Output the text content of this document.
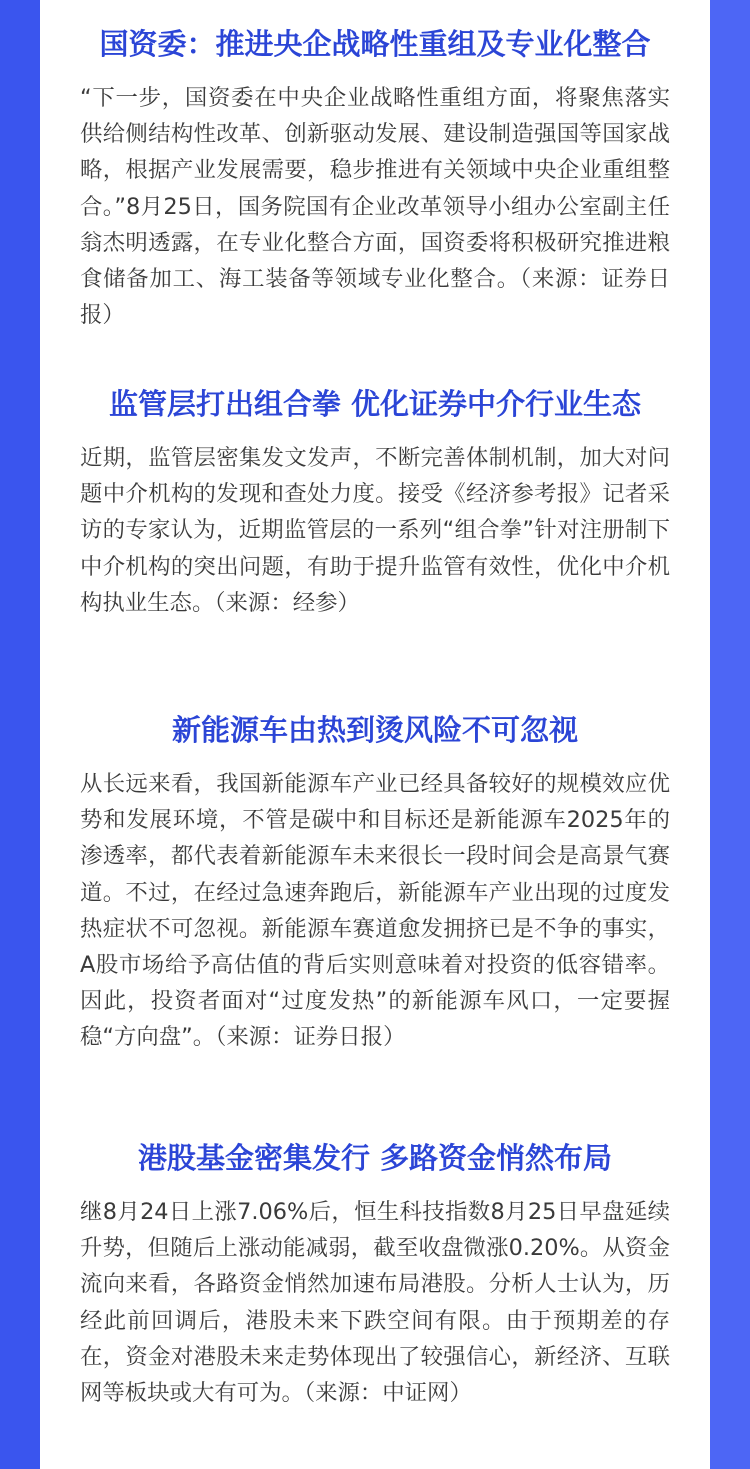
国资委：推进央企战略性重组及专业化整合

“下一步，国资委在中央企业战略性重组方面，将聚焦落实供给侧结构性改革、创新驱动发展、建设制造强国等国家战略，根据产业发展需要，稳步推进有关领域中央企业重组整合。”8月25日，国务院国有企业改革领导小组办公室副主任翁杰明透露，在专业化整合方面，国资委将积极研究推进粮食储备加工、海工装备等领域专业化整合。（来源：证券日报）

监管层打出组合拳 优化证券中介行业生态

近期，监管层密集发文发声，不断完善体制机制，加大对问题中介机构的发现和查处力度。接受《经济参考报》记者采访的专家认为，近期监管层的一系列“组合拳”针对注册制下中介机构的突出问题，有助于提升监管有效性，优化中介机构执业生态。（来源：经参）

新能源车由热到烫风险不可忽视

从长远来看，我国新能源车产业已经具备较好的规模效应优势和发展环境，不管是碳中和目标还是新能源车2025年的渗透率，都代表着新能源车未来很长一段时间会是高景气赛道。不过，在经过急速奔跑后，新能源车产业出现的过度发热症状不可忽视。新能源车赛道愈发拥挤已是不争的事实，A股市场给予高估值的背后实则意味着对投资的低容错率。因此，投资者面对“过度发热”的新能源车风口，一定要握稳“方向盘”。（来源：证券日报）

港股基金密集发行 多路资金悄然布局

继8月24日上涨7.06%后，恒生科技指数8月25日早盘延续升势，但随后上涨动能减弱，截至收盘微涨0.20%。从资金流向来看，各路资金悄然加速布局港股。分析人士认为，历经此前回调后，港股未来下跌空间有限。由于预期差的存在，资金对港股未来走势体现出了较强信心，新经济、互联网等板块或大有可为。（来源：中证网）
